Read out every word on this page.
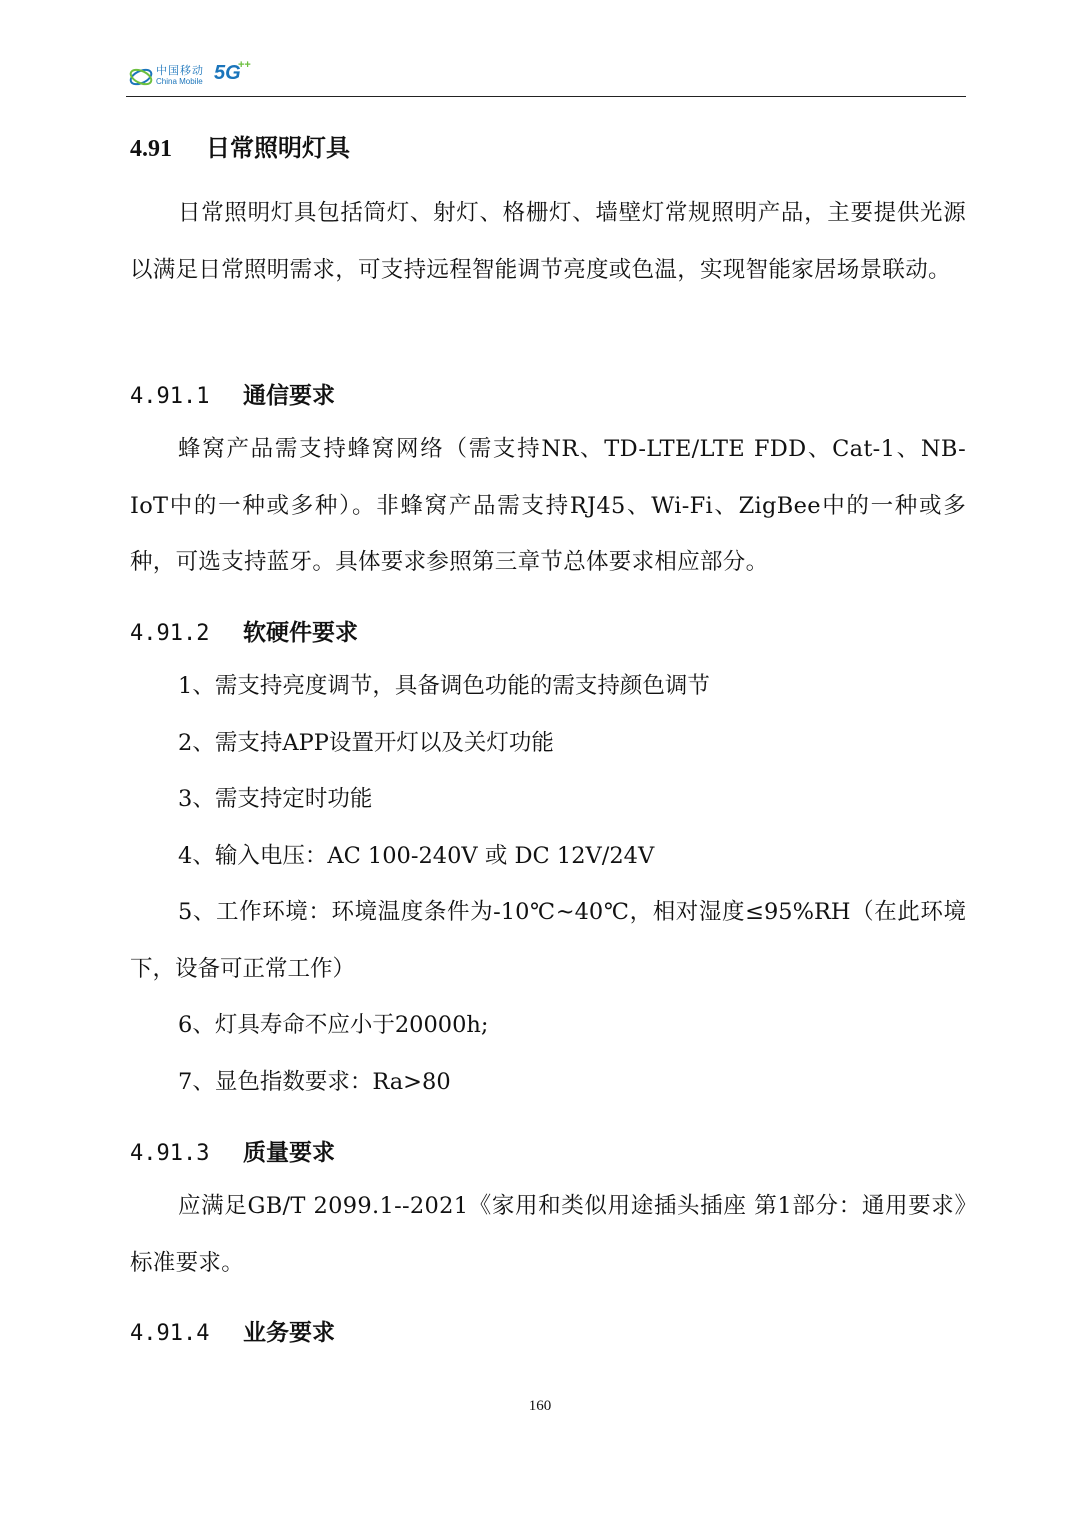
中国移动
China Mobile 5G
++
4.91 日常照明灯具
日常照明灯具包括筒灯、射灯、格栅灯、墙壁灯常规照明产品，主要提供光源以满足日常照明需求，可支持远程智能调节亮度或色温，实现智能家居场景联动。
4.91.1 通信要求
蜂窝产品需支持蜂窝网络（需支持NR、TD-LTE/LTE FDD、Cat-1、NB-IoT中的一种或多种）。非蜂窝产品需支持RJ45、Wi-Fi、ZigBee中的一种或多种，可选支持蓝牙。具体要求参照第三章节总体要求相应部分。
4.91.2 软硬件要求
1、需支持亮度调节，具备调色功能的需支持颜色调节
2、需支持APP设置开灯以及关灯功能
3、需支持定时功能
4、输入电压：AC 100-240V 或 DC 12V/24V
5、工作环境：环境温度条件为-10℃~40℃，相对湿度≤95%RH（在此环境下，设备可正常工作）
6、灯具寿命不应小于20000h;
7、显色指数要求：Ra>80
4.91.3 质量要求
应满足GB/T 2099.1--2021《家用和类似用途插头插座 第1部分：通用要求》标准要求。
4.91.4 业务要求
160
